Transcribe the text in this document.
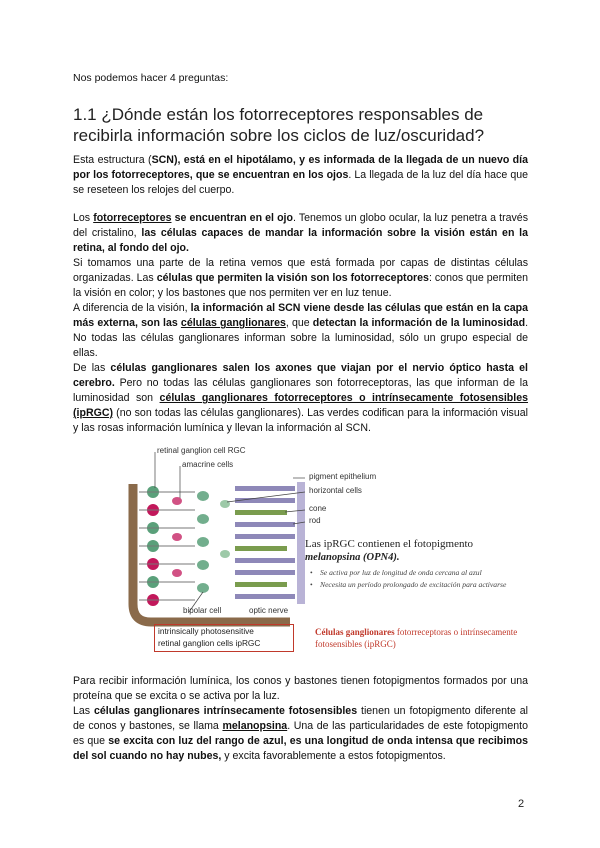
Nos podemos hacer 4 preguntas:
1.1 ¿Dónde están los fotorreceptores responsables de recibirla información sobre los ciclos de luz/oscuridad?

Esta estructura (SCN), está en el hipotálamo, y es informada de la llegada de un nuevo día por los fotorreceptores, que se encuentran en los ojos. La llegada de la luz del día hace que se reseteen los relojes del cuerpo.

Los fotorreceptores se encuentran en el ojo. Tenemos un globo ocular, la luz penetra a través del cristalino, las células capaces de mandar la información sobre la visión están en la retina, al fondo del ojo.
Si tomamos una parte de la retina vemos que está formada por capas de distintas células organizadas. Las células que permiten la visión son los fotorreceptores: conos que permiten la visión en color; y los bastones que nos permiten ver en luz tenue.
A diferencia de la visión, la información al SCN viene desde las células que están en la capa más externa, son las células ganglionares, que detectan la información de la luminosidad. No todas las células ganglionares informan sobre la luminosidad, sólo un grupo especial de ellas.
De las células ganglionares salen los axones que viajan por el nervio óptico hasta el cerebro. Pero no todas las células ganglionares son fotorreceptoras, las que informan de la luminosidad son células ganglionares fotorreceptores o intrínsecamente fotosensibles (ipRGC) (no son todas las células ganglionares). Las verdes codifican para la información visual y las rosas información lumínica y llevan la información al SCN.

retinal ganglion cell RGC
amacrine cells
pigment epithelium
horizontal cells
cone
rod
bipolar cell	optic nerve
Las ipRGC contienen el fotopigmento
melanopsina (OPN4).
• Se activa por luz de longitud de onda cercana al azul
• Necesita un período prolongado de excitación para activarse
intrinsically photosensitive
retinal ganglion cells ipRGC
Células ganglionares fotorreceptoras o intrínsecamente fotosensibles (ipRGC)

Para recibir información lumínica, los conos y bastones tienen fotopigmentos formados por una proteína que se excita o se activa por la luz.
Las células ganglionares intrínsecamente fotosensibles tienen un fotopigmento diferente al de conos y bastones, se llama melanopsina. Una de las particularidades de este fotopigmento es que se excita con luz del rango de azul, es una longitud de onda intensa que recibimos del sol cuando no hay nubes, y excita favorablemente a estos fotopigmentos.

2
